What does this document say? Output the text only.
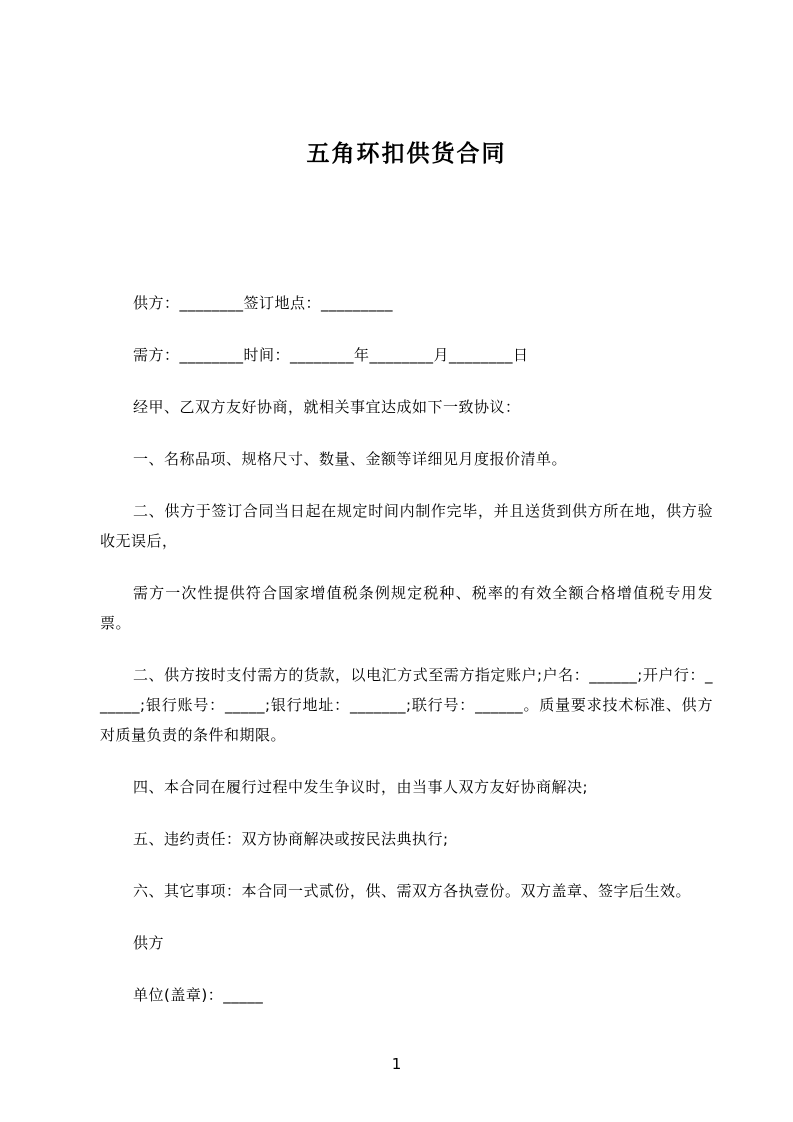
五角环扣供货合同

供方：________签订地点：_________

需方：________时间：________年________月________日

经甲、乙双方友好协商，就相关事宜达成如下一致协议：

一、名称品项、规格尺寸、数量、金额等详细见月度报价清单。

二、供方于签订合同当日起在规定时间内制作完毕，并且送货到供方所在地，供方验收无误后，

需方一次性提供符合国家增值税条例规定税种、税率的有效全额合格增值税专用发票。

二、供方按时支付需方的货款，以电汇方式至需方指定账户;户名：______;开户行：______;银行账号：_____;银行地址：_______;联行号：______。质量要求技术标准、供方对质量负责的条件和期限。

四、本合同在履行过程中发生争议时，由当事人双方友好协商解决;

五、违约责任：双方协商解决或按民法典执行;

六、其它事项：本合同一式贰份，供、需双方各执壹份。双方盖章、签字后生效。

供方

单位(盖章)：_____

1
